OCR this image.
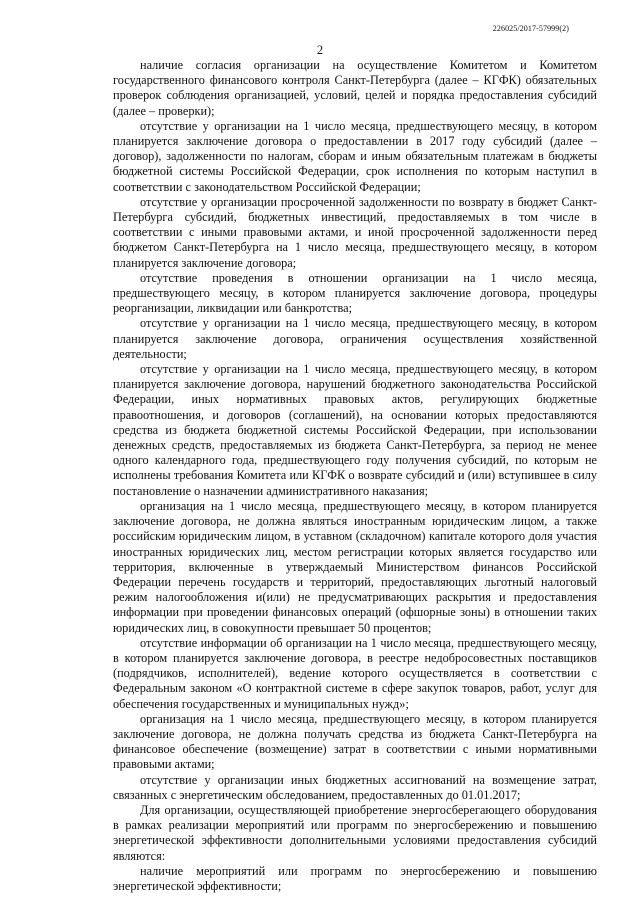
226025/2017-57999(2)
2

наличие согласия организации на осуществление Комитетом и Комитетом государственного финансового контроля Санкт-Петербурга (далее – КГФК) обязательных проверок соблюдения организацией, условий, целей и порядка предоставления субсидий (далее – проверки);

отсутствие у организации на 1 число месяца, предшествующего месяцу, в котором планируется заключение договора о предоставлении в 2017 году субсидий (далее – договор), задолженности по налогам, сборам и иным обязательным платежам в бюджеты бюджетной системы Российской Федерации, срок исполнения по которым наступил в соответствии с законодательством Российской Федерации;

отсутствие у организации просроченной задолженности по возврату в бюджет Санкт-Петербурга субсидий, бюджетных инвестиций, предоставляемых в том числе в соответствии с иными правовыми актами, и иной просроченной задолженности перед бюджетом Санкт-Петербурга на 1 число месяца, предшествующего месяцу, в котором планируется заключение договора;

отсутствие проведения в отношении организации на 1 число месяца, предшествующего месяцу, в котором планируется заключение договора, процедуры реорганизации, ликвидации или банкротства;

отсутствие у организации на 1 число месяца, предшествующего месяцу, в котором планируется заключение договора, ограничения осуществления хозяйственной деятельности;

отсутствие у организации на 1 число месяца, предшествующего месяцу, в котором планируется заключение договора, нарушений бюджетного законодательства Российской Федерации, иных нормативных правовых актов, регулирующих бюджетные правоотношения, и договоров (соглашений), на основании которых предоставляются средства из бюджета бюджетной системы Российской Федерации, при использовании денежных средств, предоставляемых из бюджета Санкт-Петербурга, за период не менее одного календарного года, предшествующего году получения субсидий, по которым не исполнены требования Комитета или КГФК о возврате субсидий и (или) вступившее в силу постановление о назначении административного наказания;

организация на 1 число месяца, предшествующего месяцу, в котором планируется заключение договора, не должна являться иностранным юридическим лицом, а также российским юридическим лицом, в уставном (складочном) капитале которого доля участия иностранных юридических лиц, местом регистрации которых является государство или территория, включенные в утверждаемый Министерством финансов Российской Федерации перечень государств и территорий, предоставляющих льготный налоговый режим налогообложения и(или) не предусматривающих раскрытия и предоставления информации при проведении финансовых операций (офшорные зоны) в отношении таких юридических лиц, в совокупности превышает 50 процентов;

отсутствие информации об организации на 1 число месяца, предшествующего месяцу, в котором планируется заключение договора, в реестре недобросовестных поставщиков (подрядчиков, исполнителей), ведение которого осуществляется в соответствии с Федеральным законом «О контрактной системе в сфере закупок товаров, работ, услуг для обеспечения государственных и муниципальных нужд»;

организация на 1 число месяца, предшествующего месяцу, в котором планируется заключение договора, не должна получать средства из бюджета Санкт-Петербурга на финансовое обеспечение (возмещение) затрат в соответствии с иными нормативными правовыми актами;

отсутствие у организации иных бюджетных ассигнований на возмещение затрат, связанных с энергетическим обследованием, предоставленных до 01.01.2017;

Для организации, осуществляющей приобретение энергосберегающего оборудования в рамках реализации мероприятий или программ по энергосбережению и повышению энергетической эффективности дополнительными условиями предоставления субсидий являются:

наличие мероприятий или программ по энергосбережению и повышению энергетической эффективности;
